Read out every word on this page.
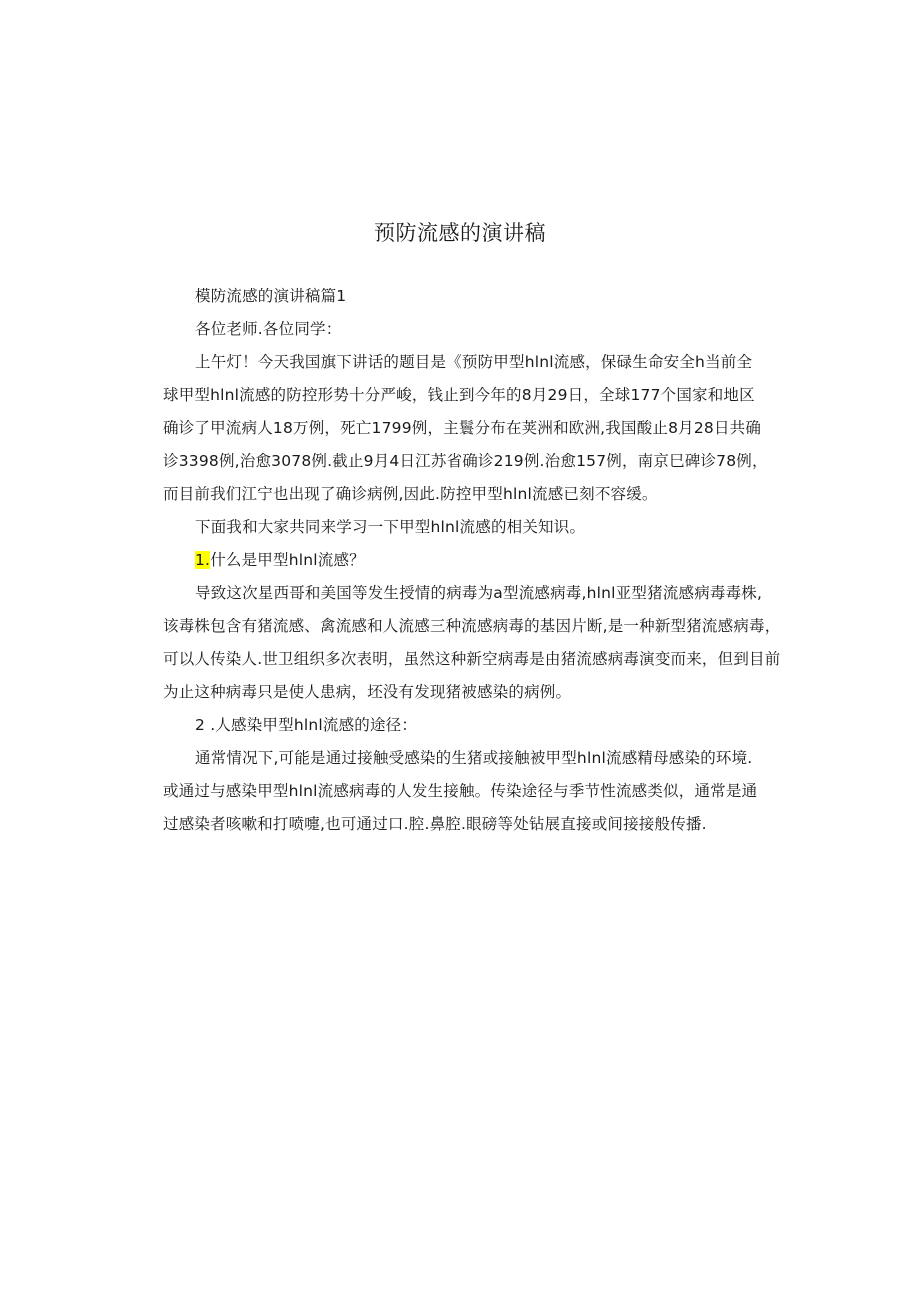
预防流感的演讲稿
模防流感的演讲稿篇1
各位老师.各位同学：
上午灯！今天我国旗下讲话的题目是《预防甲型hlnl流感，保碌生命安全h当前全
球甲型hlnl流感的防控形势十分严峻，钱止到今年的8月29日，全球177个国家和地区
确诊了甲流病人18万例，死亡1799例，主鬟分布在荚洲和欧洲,我国酸止8月28日共确
诊3398例,治愈3078例.截止9月4日江苏省确诊219例.治愈157例，南京巳碑诊78例，
而目前我们江宁也出现了确诊病例,因此.防控甲型hlnl流感已刻不容缓。
下面我和大家共同来学习一下甲型hlnl流感的相关知识。
1.什么是甲型hlnl流感？
导致这次星西哥和美国等发生授情的病毒为a型流感病毒,hlnl亚型猪流感病毒毒株,
该毒株包含有猪流感、禽流感和人流感三种流感病毒的基因片断,是一种新型猪流感病毒，
可以人传染人.世卫组织多次表明，虽然这种新空病毒是由猪流感病毒演变而来，但到目前
为止这种病毒只是使人患病，坯没有发现猪被感染的病例。
2 .人感染甲型hlnl流感的途径：
通常情况下,可能是通过接触受感染的生猪或接触被甲型hlnl流感精母感染的环境.
或通过与感染甲型hlnl流感病毒的人发生接触。传染途径与季节性流感类似，通常是通
过感染者咳嗽和打喷嚏,也可通过口.腔.鼻腔.眼磅等处钻展直接或间接接般传播.
